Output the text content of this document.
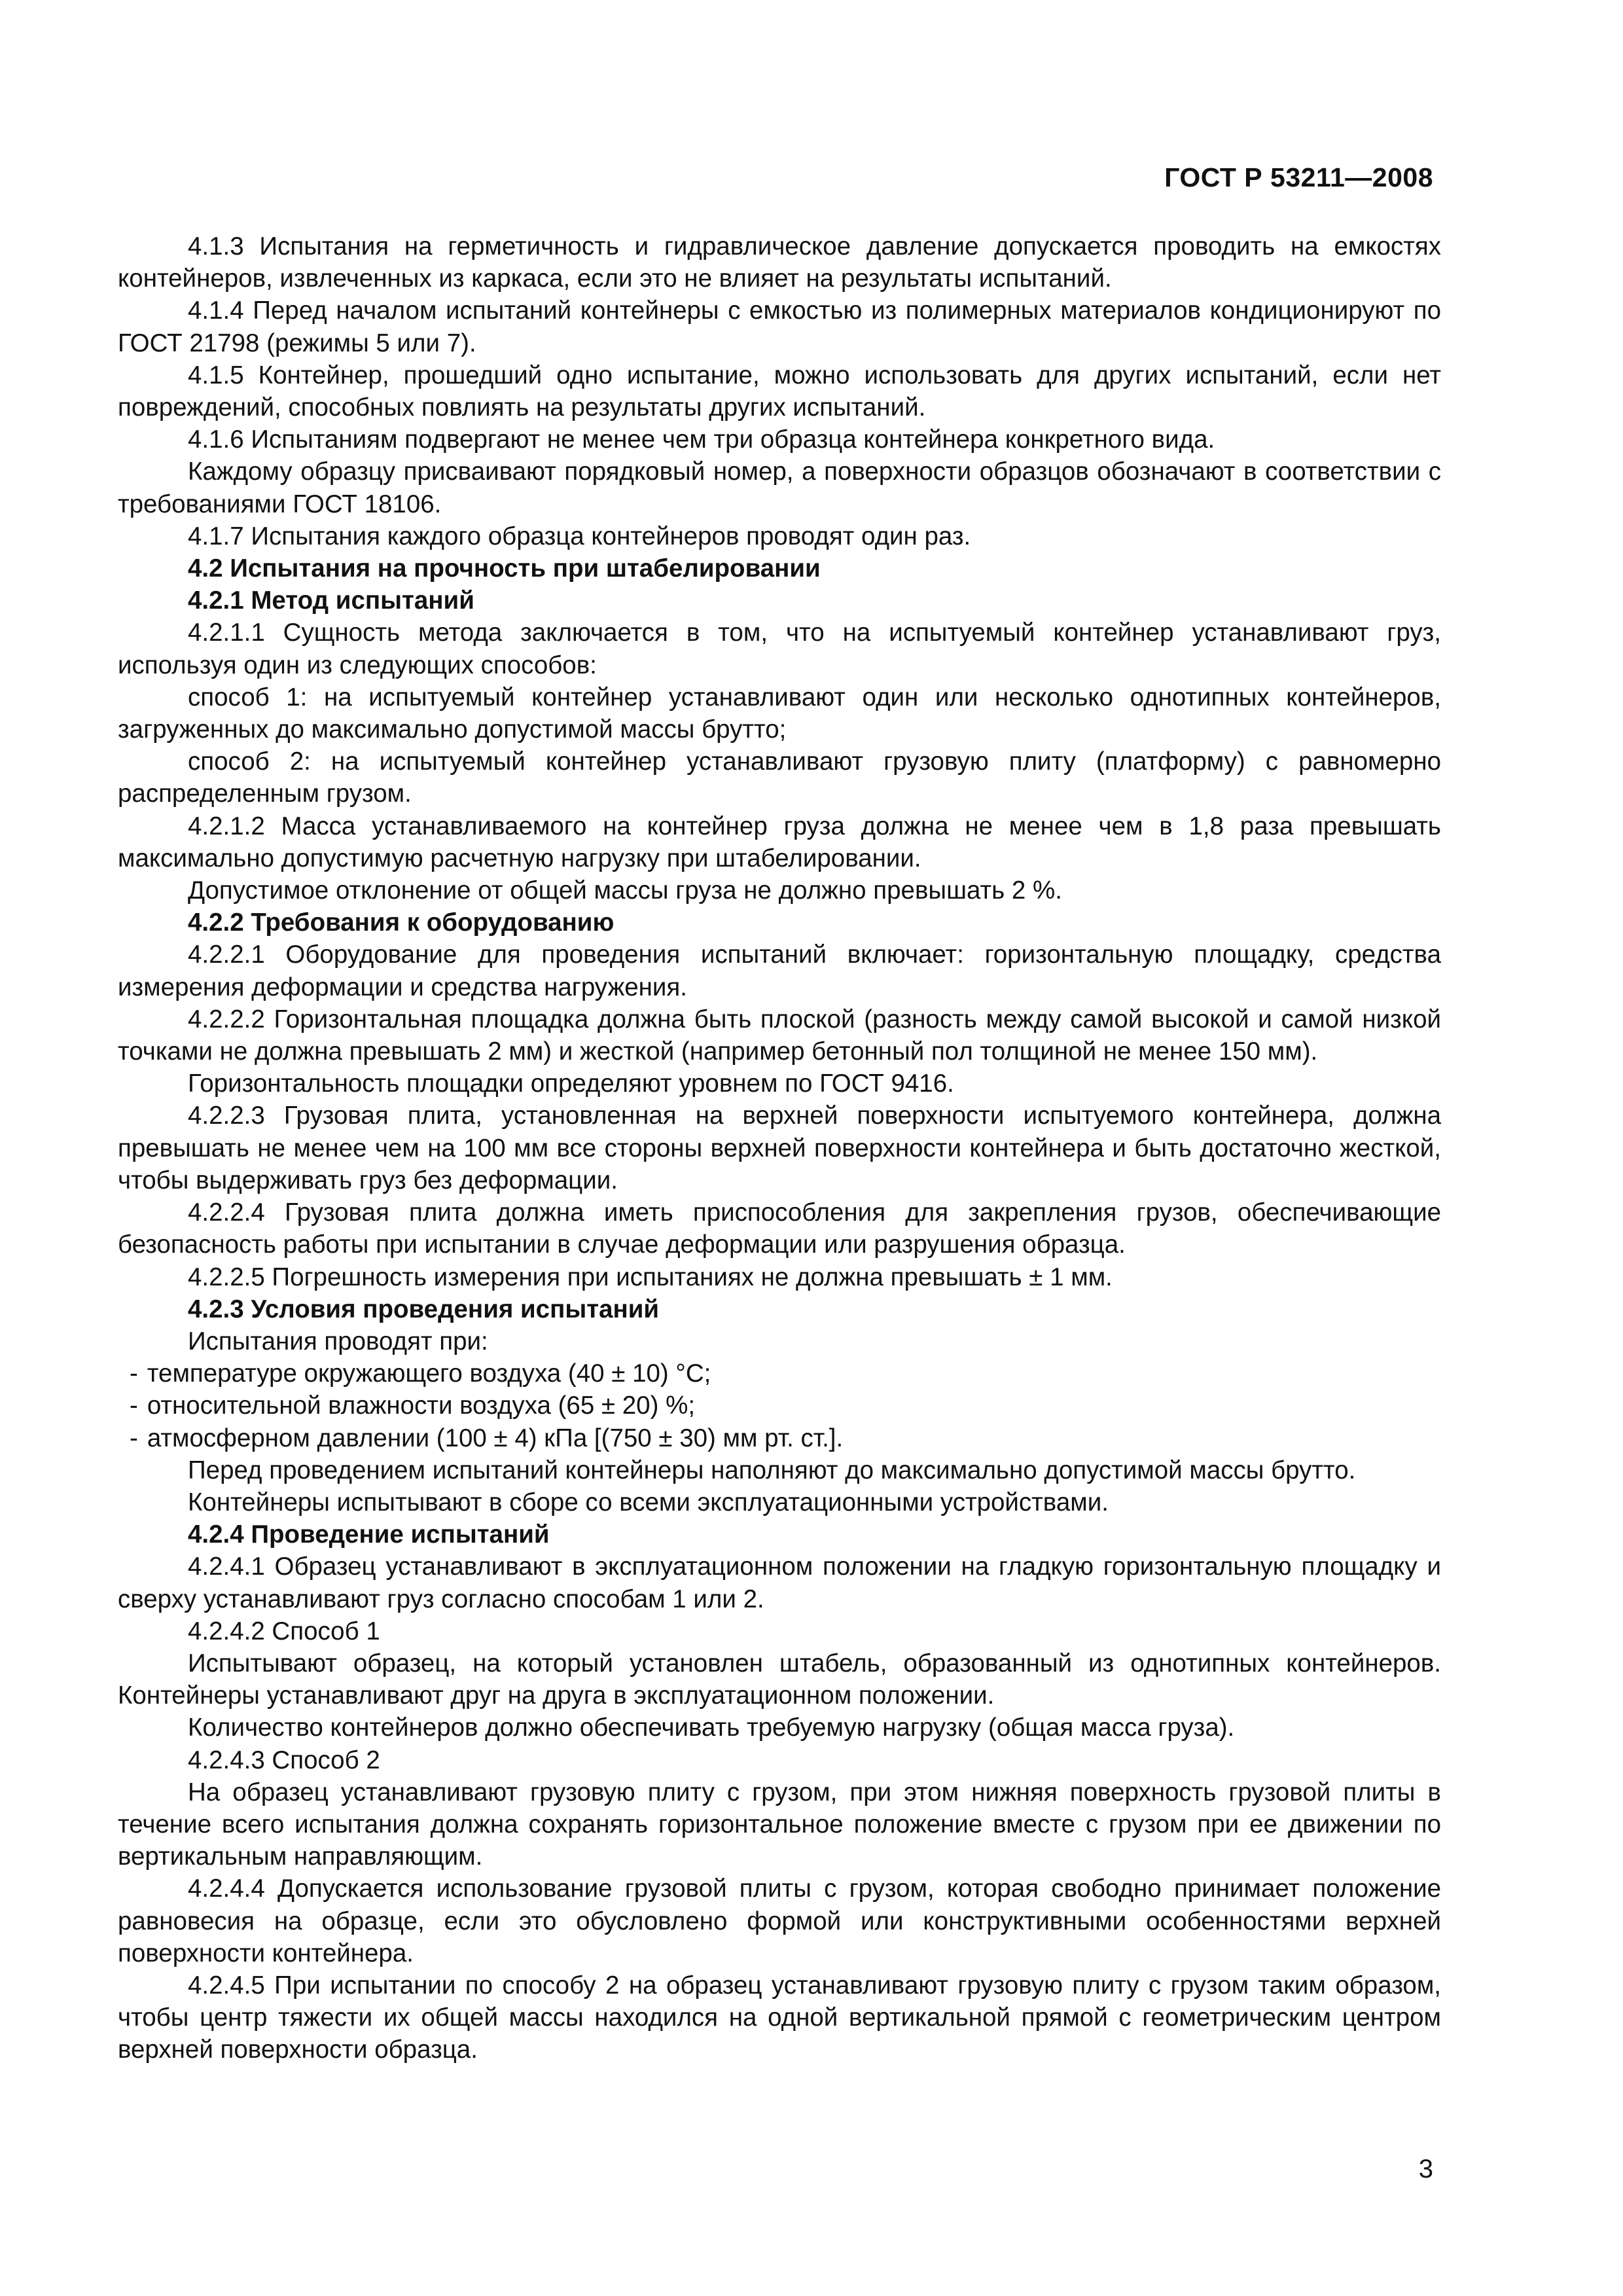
ГОСТ Р 53211—2008

4.1.3 Испытания на герметичность и гидравлическое давление допускается проводить на емкостях контейнеров, извлеченных из каркаса, если это не влияет на результаты испытаний.

4.1.4 Перед началом испытаний контейнеры с емкостью из полимерных материалов кондиционируют по ГОСТ 21798 (режимы 5 или 7).

4.1.5 Контейнер, прошедший одно испытание, можно использовать для других испытаний, если нет повреждений, способных повлиять на результаты других испытаний.

4.1.6 Испытаниям подвергают не менее чем три образца контейнера конкретного вида.

Каждому образцу присваивают порядковый номер, а поверхности образцов обозначают в соответствии с требованиями ГОСТ 18106.

4.1.7 Испытания каждого образца контейнеров проводят один раз.

4.2 Испытания на прочность при штабелировании

4.2.1 Метод испытаний

4.2.1.1 Сущность метода заключается в том, что на испытуемый контейнер устанавливают груз, используя один из следующих способов:

способ 1: на испытуемый контейнер устанавливают один или несколько однотипных контейнеров, загруженных до максимально допустимой массы брутто;

способ 2: на испытуемый контейнер устанавливают грузовую плиту (платформу) с равномерно распределенным грузом.

4.2.1.2 Масса устанавливаемого на контейнер груза должна не менее чем в 1,8 раза превышать максимально допустимую расчетную нагрузку при штабелировании.

Допустимое отклонение от общей массы груза не должно превышать 2 %.

4.2.2 Требования к оборудованию

4.2.2.1 Оборудование для проведения испытаний включает: горизонтальную площадку, средства измерения деформации и средства нагружения.

4.2.2.2 Горизонтальная площадка должна быть плоской (разность между самой высокой и самой низкой точками не должна превышать 2 мм) и жесткой (например бетонный пол толщиной не менее 150 мм).

Горизонтальность площадки определяют уровнем по ГОСТ 9416.

4.2.2.3 Грузовая плита, установленная на верхней поверхности испытуемого контейнера, должна превышать не менее чем на 100 мм все стороны верхней поверхности контейнера и быть достаточно жесткой, чтобы выдерживать груз без деформации.

4.2.2.4 Грузовая плита должна иметь приспособления для закрепления грузов, обеспечивающие безопасность работы при испытании в случае деформации или разрушения образца.

4.2.2.5 Погрешность измерения при испытаниях не должна превышать ± 1 мм.

4.2.3 Условия проведения испытаний

Испытания проводят при:

- температуре окружающего воздуха (40 ± 10) °С;

- относительной влажности воздуха (65 ± 20) %;

- атмосферном давлении (100 ± 4) кПа [(750 ± 30) мм рт. ст.].

Перед проведением испытаний контейнеры наполняют до максимально допустимой массы брутто.

Контейнеры испытывают в сборе со всеми эксплуатационными устройствами.

4.2.4 Проведение испытаний

4.2.4.1 Образец устанавливают в эксплуатационном положении на гладкую горизонтальную площадку и сверху устанавливают груз согласно способам 1 или 2.

4.2.4.2 Способ 1

Испытывают образец, на который установлен штабель, образованный из однотипных контейнеров. Контейнеры устанавливают друг на друга в эксплуатационном положении.

Количество контейнеров должно обеспечивать требуемую нагрузку (общая масса груза).

4.2.4.3 Способ 2

На образец устанавливают грузовую плиту с грузом, при этом нижняя поверхность грузовой плиты в течение всего испытания должна сохранять горизонтальное положение вместе с грузом при ее движении по вертикальным направляющим.

4.2.4.4 Допускается использование грузовой плиты с грузом, которая свободно принимает положение равновесия на образце, если это обусловлено формой или конструктивными особенностями верхней поверхности контейнера.

4.2.4.5 При испытании по способу 2 на образец устанавливают грузовую плиту с грузом таким образом, чтобы центр тяжести их общей массы находился на одной вертикальной прямой с геометрическим центром верхней поверхности образца.

3
